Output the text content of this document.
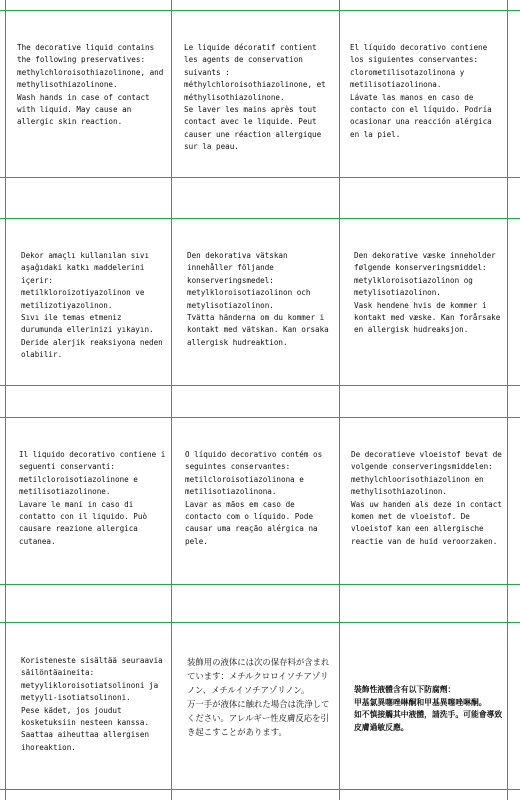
The decorative liquid contains the following preservatives: methylchloroisothiazolinone, and methylisothiazolinone.
Wash hands in case of contact with liquid. May cause an allergic skin reaction.
Le liquide décoratif contient les agents de conservation suivants : méthylchloroisothiazolinone, et méthylisothiazolinone.
Se laver les mains après tout contact avec le liquide. Peut causer une réaction allergique sur la peau.
El líquido decorativo contiene los siguientes conservantes: clorometilisotazolinona y metilisotiazolinona.
Lávate las manos en caso de contacto con el líquido. Podría ocasionar una reacción alérgica en la piel.
Dekor amaçlı kullanılan sıvı aşağıdaki katkı maddelerini içerir: metilkloroizotiyazolinon ve metilizotiyazolinon.
Sıvı ile temas etmeniz durumunda ellerinizi yıkayın. Deride alerjik reaksiyona neden olabilir.
Den dekorativa vätskan innehåller följande konserveringsmedel: metylkloroisotiazolinon och metylisotiazolinon.
Tvätta händerna om du kommer i kontakt med vätskan. Kan orsaka allergisk hudreaktion.
Den dekorative væske inneholder følgende konserveringsmiddel: metylkloroisotiazolinon og metylisotiazolinon.
Vask hendene hvis de kommer i kontakt med væske. Kan forårsake en allergisk hudreaksjon.
Il liquido decorativo contiene i seguenti conservanti: metilcloroisotiazolinone e metilisotiazolinone.
Lavare le mani in caso di contatto con il liquido. Può causare reazione allergica cutanea.
O líquido decorativo contém os seguintes conservantes: metilcloroisotiazolinona e metilisotiazolinona.
Lavar as mãos em caso de contacto com o líquido. Pode causar uma reação alérgica na pele.
De decoratieve vloeistof bevat de volgende conserveringsmiddelen: methylchloorisothiazolinon en methylisothiazolinon.
Was uw handen als deze in contact komen met de vloeistof. De vloeistof kan een allergische reactie van de huid veroorzaken.
Koristeneste sisältää seuraavia säilöntäaineita: metyylikloroisotiatsolinoni ja metyyli-isotiatsolinoni.
Pese kädet, jos joudut kosketuksiin nesteen kanssa. Saattaa aiheuttaa allergisen ihoreaktion.
装飾用の液体には次の保存料が含まれています：メチルクロロイソチアゾリノン、メチルイソチアゾリノン。
万一手が液体に触れた場合は洗浄してください。アレルギー性皮膚反応を引き起こすことがあります。
裝飾性液體含有以下防腐劑：
甲基氯異噻唑啉酮和甲基異噻唑啉酮。
如不慎接觸其中液體，請洗手。可能會導致皮膚過敏反應。
